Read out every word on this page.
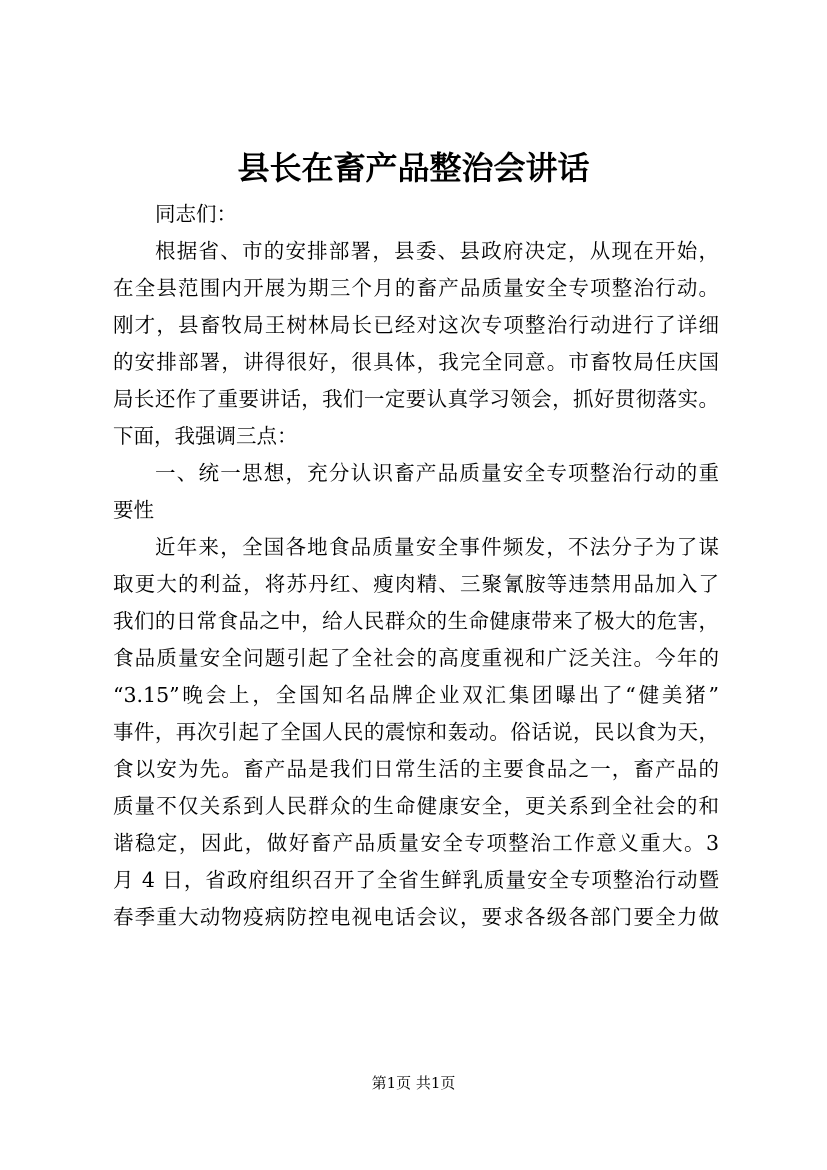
县长在畜产品整治会讲话
同志们：
根据省、市的安排部署，县委、县政府决定，从现在开始，
在全县范围内开展为期三个月的畜产品质量安全专项整治行动。
刚才，县畜牧局王树林局长已经对这次专项整治行动进行了详细
的安排部署，讲得很好，很具体，我完全同意。市畜牧局任庆国
局长还作了重要讲话，我们一定要认真学习领会，抓好贯彻落实。
下面，我强调三点：
一、统一思想，充分认识畜产品质量安全专项整治行动的重
要性
近年来，全国各地食品质量安全事件频发，不法分子为了谋
取更大的利益，将苏丹红、瘦肉精、三聚氰胺等违禁用品加入了
我们的日常食品之中，给人民群众的生命健康带来了极大的危害，
食品质量安全问题引起了全社会的高度重视和广泛关注。今年的
“3.15”晚会上，全国知名品牌企业双汇集团曝出了“健美猪”
事件，再次引起了全国人民的震惊和轰动。俗话说，民以食为天，
食以安为先。畜产品是我们日常生活的主要食品之一，畜产品的
质量不仅关系到人民群众的生命健康安全，更关系到全社会的和
谐稳定，因此，做好畜产品质量安全专项整治工作意义重大。3
月 4 日，省政府组织召开了全省生鲜乳质量安全专项整治行动暨
春季重大动物疫病防控电视电话会议，要求各级各部门要全力做
第1页 共1页
